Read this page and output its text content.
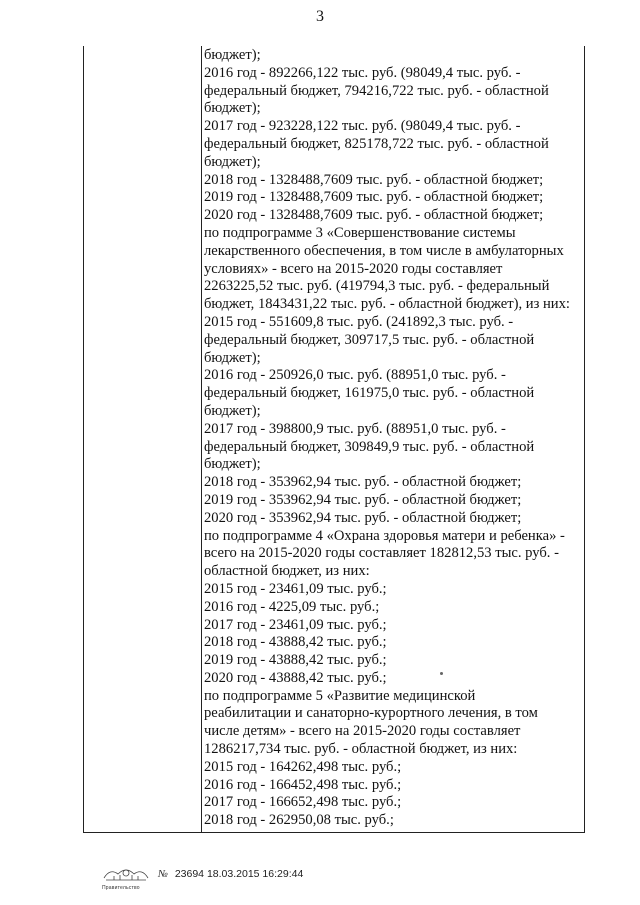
3
бюджет);
2016 год - 892266,122 тыс. руб. (98049,4 тыс. руб. -
федеральный бюджет, 794216,722 тыс. руб. - областной
бюджет);
2017 год - 923228,122 тыс. руб. (98049,4 тыс. руб. -
федеральный бюджет, 825178,722 тыс. руб. - областной
бюджет);
2018 год - 1328488,7609 тыс. руб. - областной бюджет;
2019 год - 1328488,7609 тыс. руб. - областной бюджет;
2020 год - 1328488,7609 тыс. руб. - областной бюджет;
по подпрограмме 3 «Совершенствование системы
лекарственного обеспечения, в том числе в амбулаторных
условиях» - всего на 2015-2020 годы составляет
2263225,52 тыс. руб. (419794,3 тыс. руб. - федеральный
бюджет, 1843431,22 тыс. руб. - областной бюджет), из них:
2015 год - 551609,8 тыс. руб. (241892,3 тыс. руб. -
федеральный бюджет, 309717,5 тыс. руб. - областной
бюджет);
2016 год - 250926,0 тыс. руб. (88951,0 тыс. руб. -
федеральный бюджет, 161975,0 тыс. руб. - областной
бюджет);
2017 год - 398800,9 тыс. руб. (88951,0 тыс. руб. -
федеральный бюджет, 309849,9 тыс. руб. - областной
бюджет);
2018 год - 353962,94 тыс. руб. - областной бюджет;
2019 год - 353962,94 тыс. руб. - областной бюджет;
2020 год - 353962,94 тыс. руб. - областной бюджет;
по подпрограмме 4 «Охрана здоровья матери и ребенка» -
всего на 2015-2020 годы составляет 182812,53 тыс. руб. -
областной бюджет, из них:
2015 год - 23461,09 тыс. руб.;
2016 год - 4225,09 тыс. руб.;
2017 год - 23461,09 тыс. руб.;
2018 год - 43888,42 тыс. руб.;
2019 год - 43888,42 тыс. руб.;
2020 год - 43888,42 тыс. руб.;
по подпрограмме 5 «Развитие медицинской
реабилитации и санаторно-курортного лечения, в том
числе детям» - всего на 2015-2020 годы составляет
1286217,734 тыс. руб. - областной бюджет, из них:
2015 год - 164262,498 тыс. руб.;
2016 год - 166452,498 тыс. руб.;
2017 год - 166652,498 тыс. руб.;
2018 год - 262950,08 тыс. руб.;
Правительство
№ 23694 18.03.2015 16:29:44
